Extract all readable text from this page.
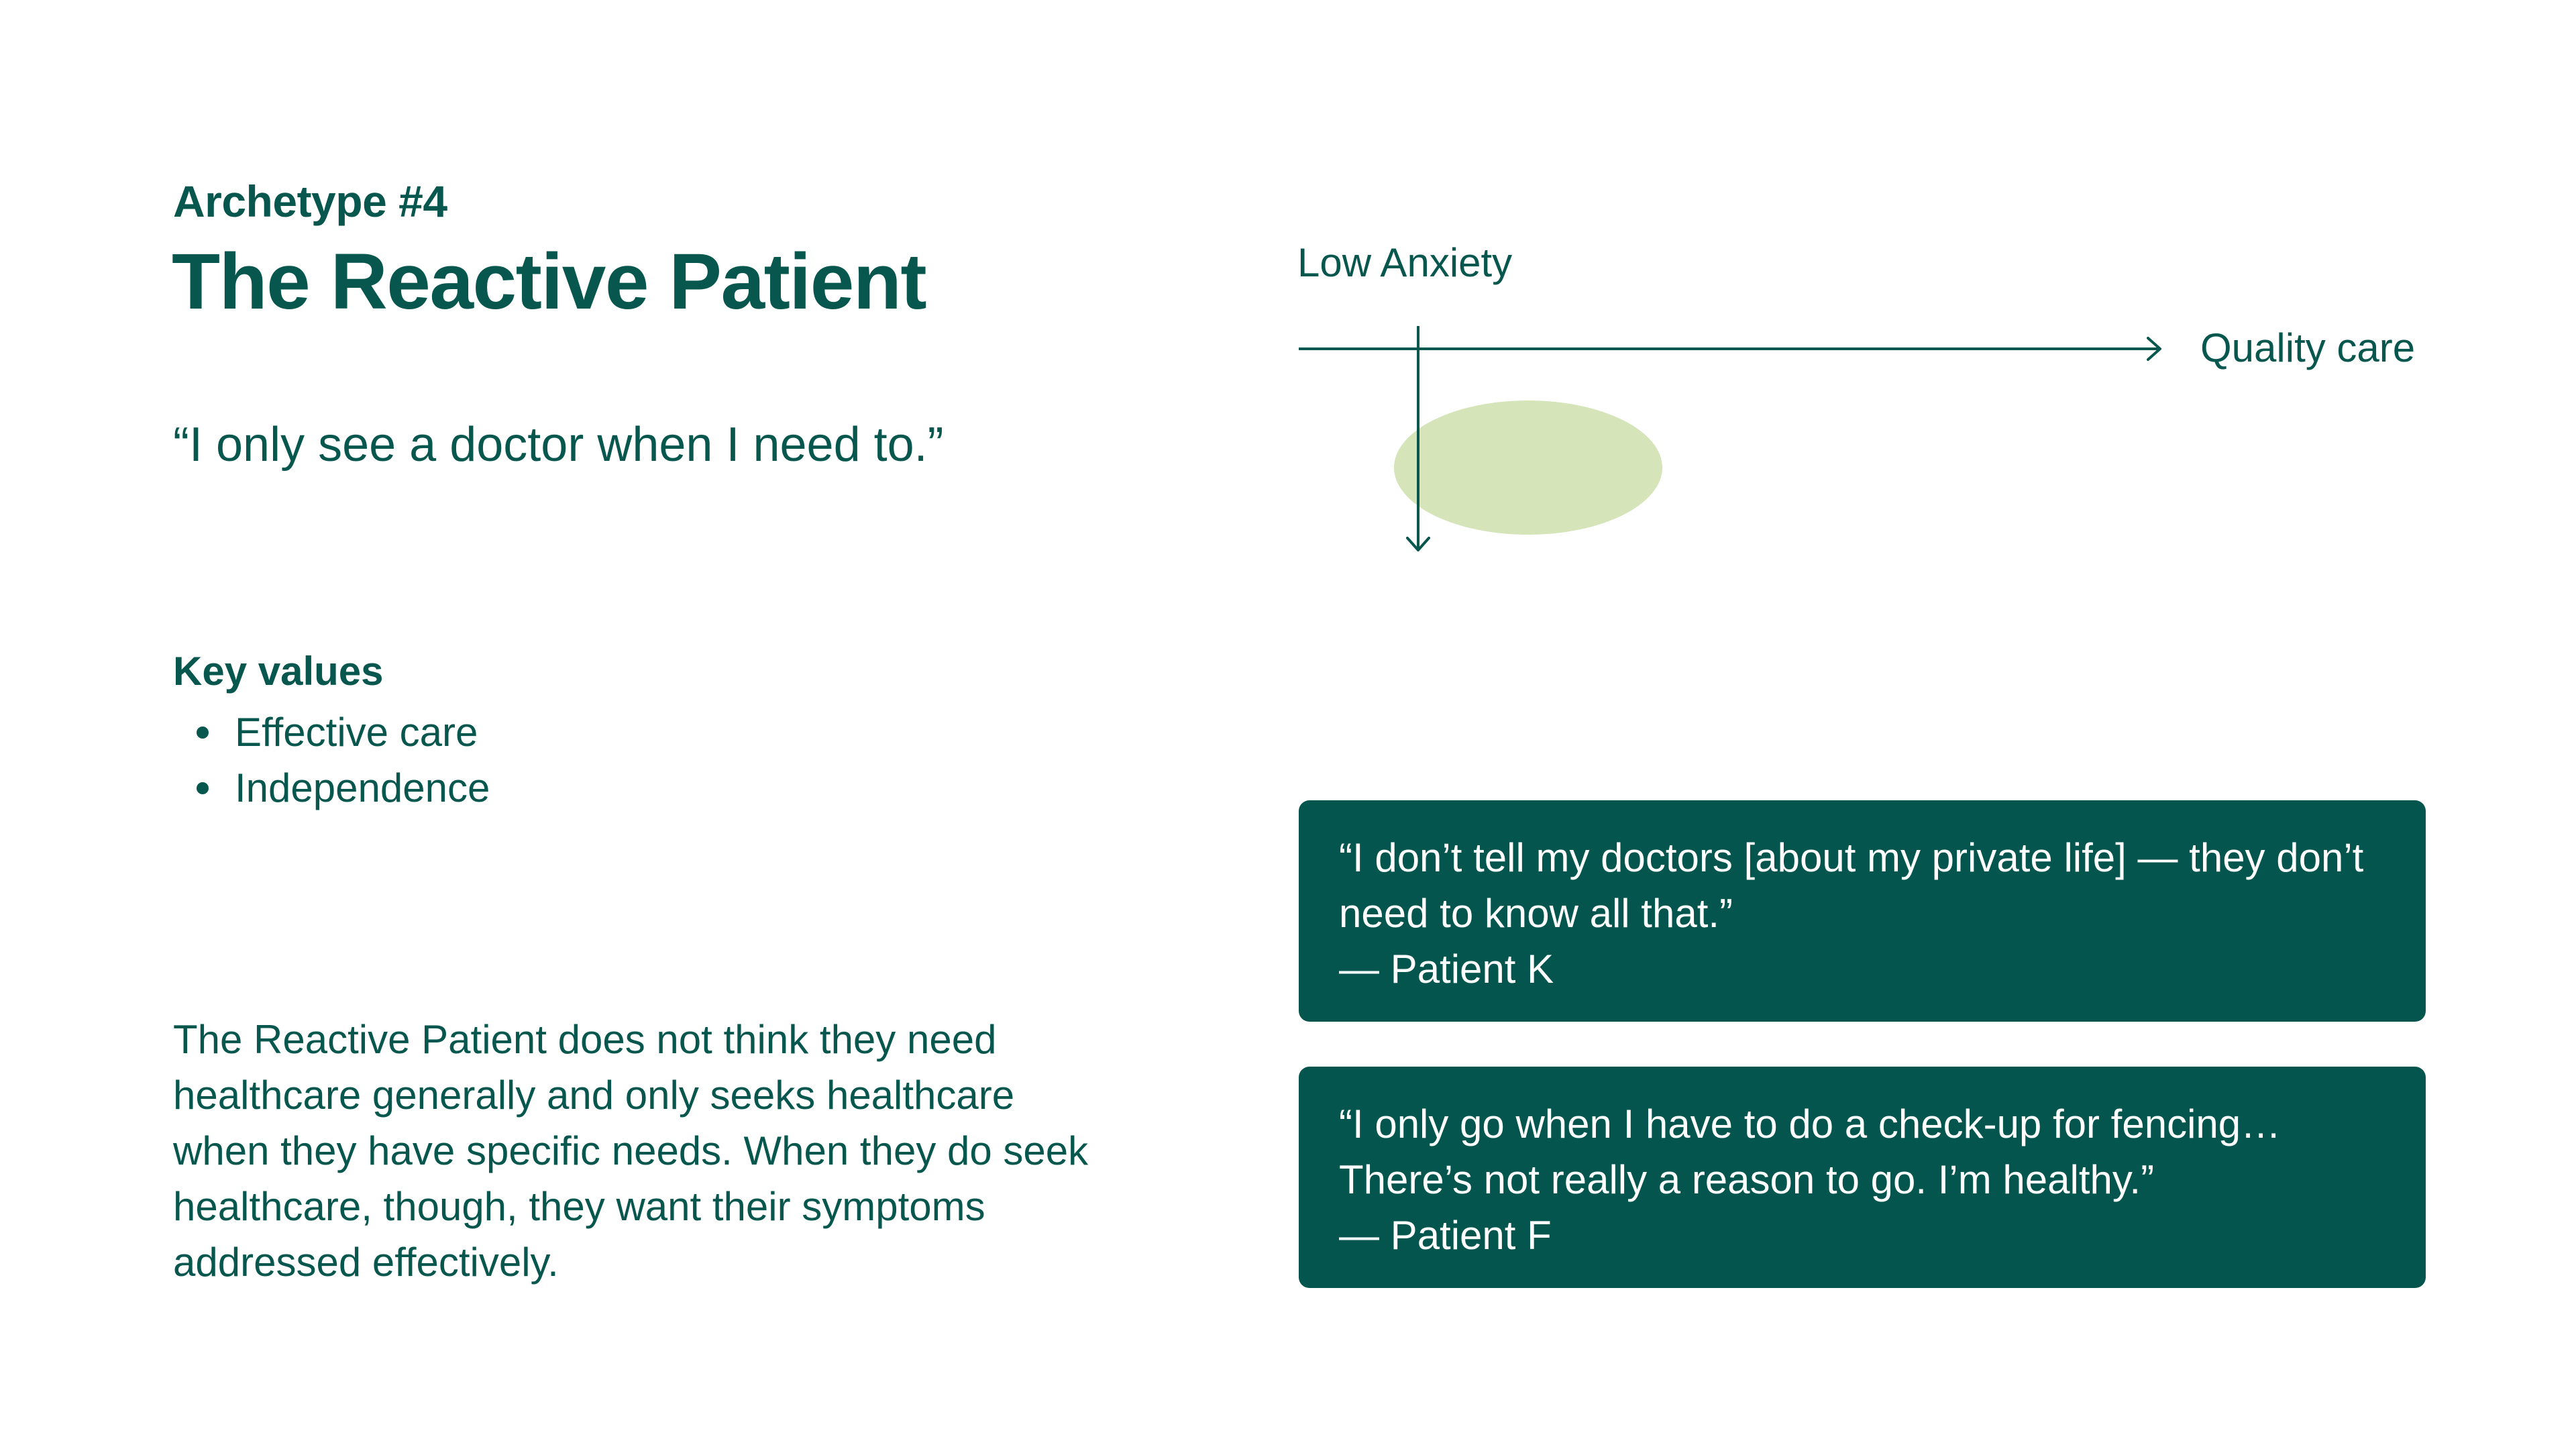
Archetype #4
The Reactive Patient
“I only see a doctor when I need to.”
Key values
Effective care
Independence
The Reactive Patient does not think they need healthcare generally and only seeks healthcare when they have specific needs. When they do seek healthcare, though, they want their symptoms addressed effectively.
Low Anxiety
Quality care
“I don’t tell my doctors [about my private life] — they don’t need to know all that.”
— Patient K
“I only go when I have to do a check-up for fencing… There’s not really a reason to go. I’m healthy.”
— Patient F
